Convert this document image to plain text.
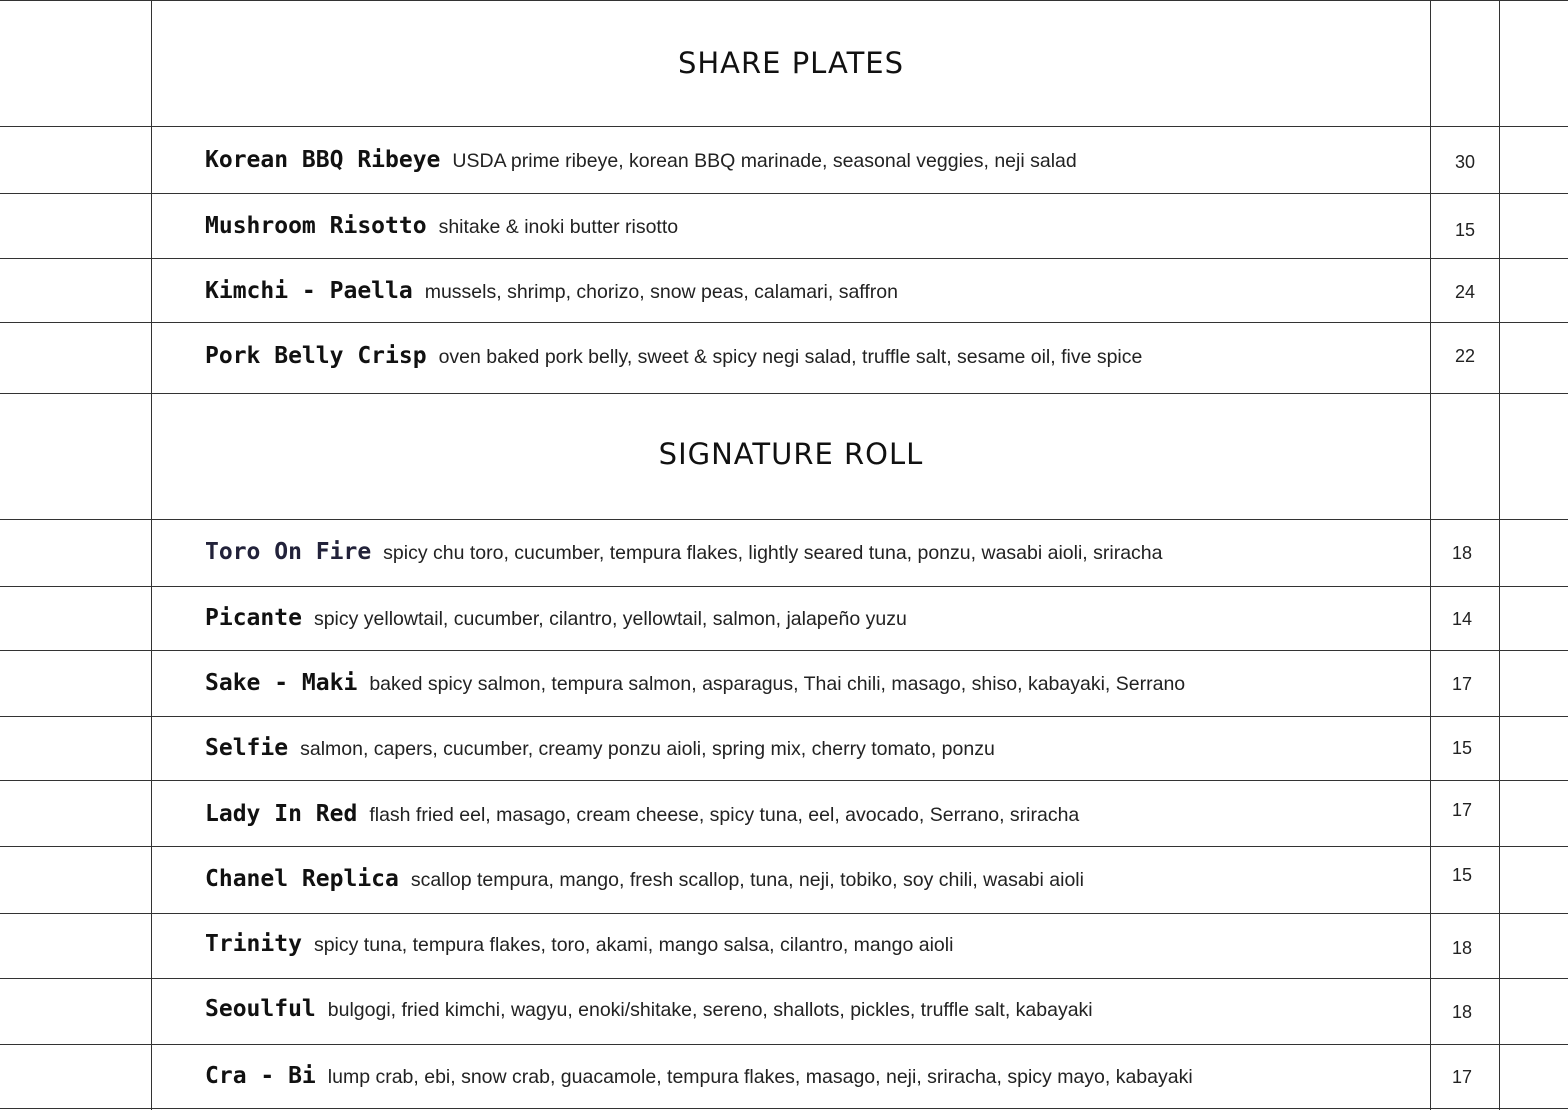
SHARE PLATES
Korean BBQ Ribeye USDA prime ribeye, korean BBQ marinade, seasonal veggies, neji salad	30
Mushroom Risotto shitake & inoki butter risotto	15
Kimchi - Paella mussels, shrimp, chorizo, snow peas, calamari, saffron	24
Pork Belly Crisp oven baked pork belly, sweet & spicy negi salad, truffle salt, sesame oil, five spice	22
SIGNATURE ROLL
Toro On Fire spicy chu toro, cucumber, tempura flakes, lightly seared tuna, ponzu, wasabi aioli, sriracha	18
Picante spicy yellowtail, cucumber, cilantro, yellowtail, salmon, jalapeño yuzu	14
Sake - Maki baked spicy salmon, tempura salmon, asparagus, Thai chili, masago, shiso, kabayaki, Serrano	17
Selfie salmon, capers, cucumber, creamy ponzu aioli, spring mix, cherry tomato, ponzu	15
Lady In Red flash fried eel, masago, cream cheese, spicy tuna, eel, avocado, Serrano, sriracha	17
Chanel Replica scallop tempura, mango, fresh scallop, tuna, neji, tobiko, soy chili, wasabi aioli	15
Trinity spicy tuna, tempura flakes, toro, akami, mango salsa, cilantro, mango aioli	18
Seoulful bulgogi, fried kimchi, wagyu, enoki/shitake, sereno, shallots, pickles, truffle salt, kabayaki	18
Cra - Bi lump crab, ebi, snow crab, guacamole, tempura flakes, masago, neji, sriracha, spicy mayo, kabayaki	17
